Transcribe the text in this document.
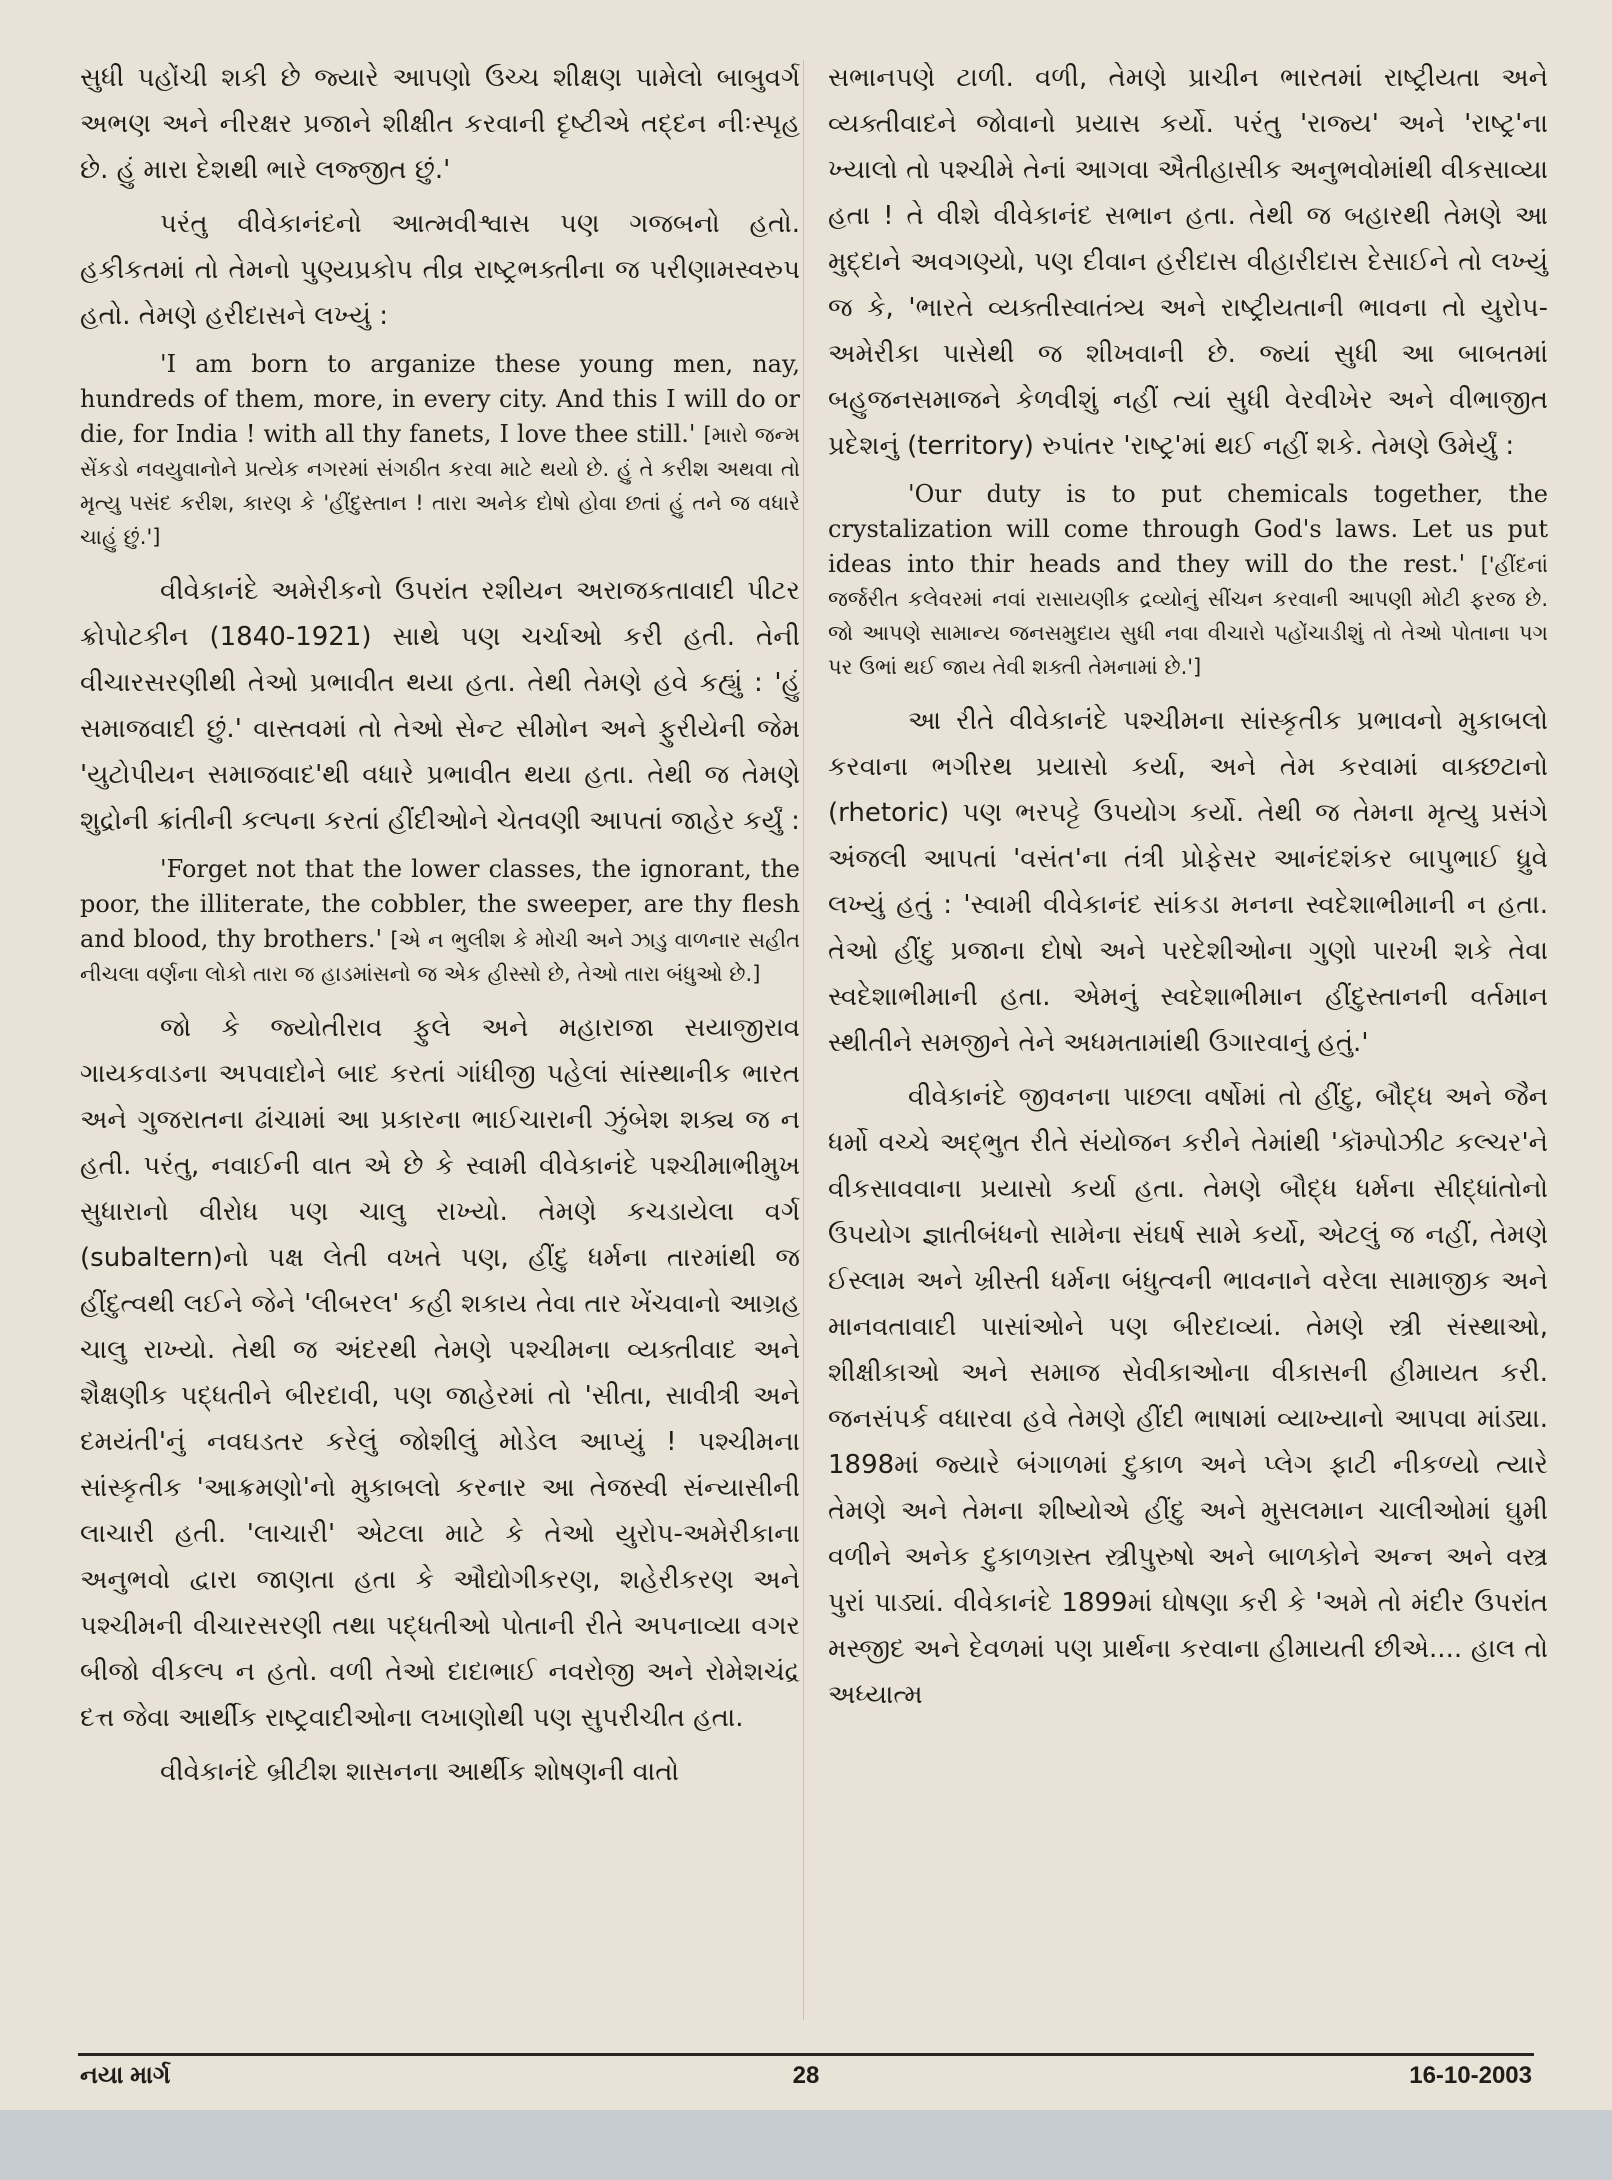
સુધી પહોંચી શકી છે જ્યારે આપણો ઉચ્ચ શીક્ષણ પામેલો બાબુવર્ગ અભણ અને નીરક્ષર પ્રજાને શીક્ષીત કરવાની દૃષ્ટીએ તદ્દન નીઃસ્પૃહ છે. હું મારા દેશથી ભારે લજ્જીત છું.'

પરંતુ વીવેકાનંદનો આત્મવીશ્વાસ પણ ગજબનો હતો. હકીકતમાં તો તેમનો પુણ્યપ્રકોપ તીવ્ર રાષ્ટ્રભક્તીના જ પરીણામસ્વરુપ હતો. તેમણે હરીદાસને લખ્યું :

'I am born to arganize these young men, nay, hundreds of them, more, in every city. And this I will do or die, for India ! with all thy fanets, I love thee still.' [મારો જન્મ સેંકડો નવયુવાનોને પ્રત્યેક નગરમાં સંગઠીત કરવા માટે થયો છે. હું તે કરીશ અથવા તો મૃત્યુ પસંદ કરીશ, કારણ કે 'હીંદુસ્તાન ! તારા અનેક દોષો હોવા છતાં હું તને જ વધારે ચાહું છું.']

વીવેકાનંદે અમેરીકનો ઉપરાંત રશીયન અરાજકતાવાદી પીટર ક્રોપોટકીન (1840-1921) સાથે પણ ચર્ચાઓ કરી હતી. તેની વીચારસરણીથી તેઓ પ્રભાવીત થયા હતા. તેથી તેમણે હવે કહ્યું : 'હું સમાજવાદી છું.' વાસ્તવમાં તો તેઓ સેન્ટ સીમોન અને ફુરીયેની જેમ 'યુટોપીયન સમાજવાદ'થી વધારે પ્રભાવીત થયા હતા. તેથી જ તેમણે શુદ્રોની ક્રાંતીની કલ્પના કરતાં હીંદીઓને ચેતવણી આપતાં જાહેર કર્યું :

'Forget not that the lower classes, the ignorant, the poor, the illiterate, the cobbler, the sweeper, are thy flesh and blood, thy brothers.' [એ ન ભુલીશ કે મોચી અને ઝાડુ વાળનાર સહીત નીચલા વર્ણના લોકો તારા જ હાડમાંસનો જ એક હીસ્સો છે, તેઓ તારા બંધુઓ છે.]

જો કે જ્યોતીરાવ ફુલે અને મહારાજા સયાજીરાવ ગાયકવાડના અપવાદોને બાદ કરતાં ગાંધીજી પહેલાં સાંસ્થાનીક ભારત અને ગુજરાતના ઢાંચામાં આ પ્રકારના ભાઈચારાની ઝુંબેશ શક્ય જ ન હતી. પરંતુ, નવાઈની વાત એ છે કે સ્વામી વીવેકાનંદે પશ્ચીમાભીમુખ સુધારાનો વીરોધ પણ ચાલુ રાખ્યો. તેમણે કચડાયેલા વર્ગ (subaltern)નો પક્ષ લેતી વખતે પણ, હીંદુ ધર્મના તારમાંથી જ હીંદુત્વથી લઈને જેને 'લીબરલ' કહી શકાય તેવા તાર ખેંચવાનો આગ્રહ ચાલુ રાખ્યો. તેથી જ અંદરથી તેમણે પશ્ચીમના વ્યક્તીવાદ અને શૈક્ષણીક પદ્ધતીને બીરદાવી, પણ જાહેરમાં તો 'સીતા, સાવીત્રી અને દમયંતી'નું નવઘડતર કરેલું જોશીલું મોડેલ આપ્યું ! પશ્ચીમના સાંસ્કૃતીક 'આક્રમણો'નો મુકાબલો કરનાર આ તેજસ્વી સંન્યાસીની લાચારી હતી. 'લાચારી' એટલા માટે કે તેઓ યુરોપ-અમેરીકાના અનુભવો દ્વારા જાણતા હતા કે ઔદ્યોગીકરણ, શહેરીકરણ અને પશ્ચીમની વીચારસરણી તથા પદ્ધતીઓ પોતાની રીતે અપનાવ્યા વગર બીજો વીકલ્પ ન હતો. વળી તેઓ દાદાભાઈ નવરોજી અને રોમેશચંદ્ર દત્ત જેવા આર્થીક રાષ્ટ્રવાદીઓના લખાણોથી પણ સુપરીચીત હતા.

વીવેકાનંદે બ્રીટીશ શાસનના આર્થીક શોષણની વાતો

સભાનપણે ટાળી. વળી, તેમણે પ્રાચીન ભારતમાં રાષ્ટ્રીયતા અને વ્યક્તીવાદને જોવાનો પ્રયાસ કર્યો. પરંતુ 'રાજ્ય' અને 'રાષ્ટ્ર'ના ખ્યાલો તો પશ્ચીમે તેનાં આગવા ઐતીહાસીક અનુભવોમાંથી વીકસાવ્યા હતા ! તે વીશે વીવેકાનંદ સભાન હતા. તેથી જ બહારથી તેમણે આ મુદ્દાને અવગણ્યો, પણ દીવાન હરીદાસ વીહારીદાસ દેસાઈને તો લખ્યું જ કે, 'ભારતે વ્યક્તીસ્વાતંત્ર્ય અને રાષ્ટ્રીયતાની ભાવના તો યુરોપ-અમેરીકા પાસેથી જ શીખવાની છે. જ્યાં સુધી આ બાબતમાં બહુજનસમાજને કેળવીશું નહીં ત્યાં સુધી વેરવીખેર અને વીભાજીત પ્રદેશનું (territory) રુપાંતર 'રાષ્ટ્ર'માં થઈ નહીં શકે. તેમણે ઉમેર્યું :

'Our duty is to put chemicals together, the crystalization will come through God's laws. Let us put ideas into thir heads and they will do the rest.' ['હીંદનાં જર્જરીત કલેવરમાં નવાં રાસાયણીક દ્રવ્યોનું સીંચન કરવાની આપણી મોટી ફરજ છે. જો આપણે સામાન્ય જનસમુદાય સુધી નવા વીચારો પહોંચાડીશું તો તેઓ પોતાના પગ પર ઉભાં થઈ જાય તેવી શક્તી તેમનામાં છે.']

આ રીતે વીવેકાનંદે પશ્ચીમના સાંસ્કૃતીક પ્રભાવનો મુકાબલો કરવાના ભગીરથ પ્રયાસો કર્યા, અને તેમ કરવામાં વાક્છટાનો (rhetoric) પણ ભરપટ્ટે ઉપયોગ કર્યો. તેથી જ તેમના મૃત્યુ પ્રસંગે અંજલી આપતાં 'વસંત'ના તંત્રી પ્રોફેસર આનંદશંકર બાપુભાઈ ધ્રુવે લખ્યું હતું : 'સ્વામી વીવેકાનંદ સાંકડા મનના સ્વદેશાભીમાની ન હતા. તેઓ હીંદુ પ્રજાના દોષો અને પરદેશીઓના ગુણો પારખી શકે તેવા સ્વદેશાભીમાની હતા. એમનું સ્વદેશાભીમાન હીંદુસ્તાનની વર્તમાન સ્થીતીને સમજીને તેને અધમતામાંથી ઉગારવાનું હતું.'

વીવેકાનંદે જીવનના પાછલા વર્ષોમાં તો હીંદુ, બૌદ્ધ અને જૈન ધર્મો વચ્ચે અદ્ભુત રીતે સંયોજન કરીને તેમાંથી 'કૉમ્પોઝીટ કલ્ચર'ને વીકસાવવાના પ્રયાસો કર્યા હતા. તેમણે બૌદ્ધ ધર્મના સીદ્ધાંતોનો ઉપયોગ જ્ઞાતીબંધનો સામેના સંઘર્ષ સામે કર્યો, એટલું જ નહીં, તેમણે ઈસ્લામ અને ખ્રીસ્તી ધર્મના બંધુત્વની ભાવનાને વરેલા સામાજીક અને માનવતાવાદી પાસાંઓને પણ બીરદાવ્યાં. તેમણે સ્ત્રી સંસ્થાઓ, શીક્ષીકાઓ અને સમાજ સેવીકાઓના વીકાસની હીમાયત કરી. જનસંપર્ક વધારવા હવે તેમણે હીંદી ભાષામાં વ્યાખ્યાનો આપવા માંડ્યા. 1898માં જ્યારે બંગાળમાં દુકાળ અને પ્લેગ ફાટી નીકળ્યો ત્યારે તેમણે અને તેમના શીષ્યોએ હીંદુ અને મુસલમાન ચાલીઓમાં ઘુમી વળીને અનેક દુકાળગ્રસ્ત સ્ત્રીપુરુષો અને બાળકોને અન્ન અને વસ્ત્ર પુરાં પાડ્યાં. વીવેકાનંદે 1899માં ઘોષણા કરી કે 'અમે તો મંદીર ઉપરાંત મસ્જીદ અને દેવળમાં પણ પ્રાર્થના કરવાના હીમાયતી છીએ.... હાલ તો અધ્યાત્મ

નયા માર્ગ	28	16-10-2003
